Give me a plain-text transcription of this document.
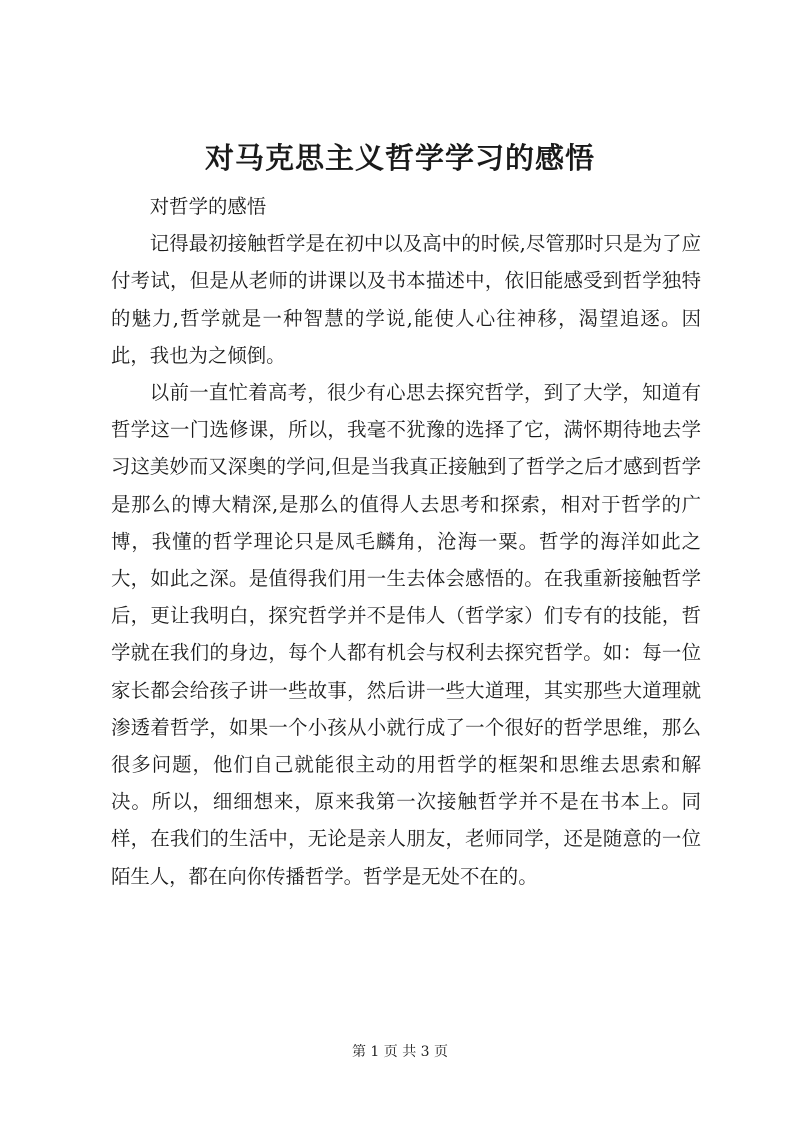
对马克思主义哲学学习的感悟

对哲学的感悟

记得最初接触哲学是在初中以及高中的时候,尽管那时只是为了应付考试，但是从老师的讲课以及书本描述中，依旧能感受到哲学独特的魅力,哲学就是一种智慧的学说,能使人心往神移，渴望追逐。因此，我也为之倾倒。

以前一直忙着高考，很少有心思去探究哲学，到了大学，知道有哲学这一门选修课，所以，我毫不犹豫的选择了它，满怀期待地去学习这美妙而又深奥的学问,但是当我真正接触到了哲学之后才感到哲学是那么的博大精深,是那么的值得人去思考和探索，相对于哲学的广博，我懂的哲学理论只是凤毛麟角，沧海一粟。哲学的海洋如此之大，如此之深。是值得我们用一生去体会感悟的。在我重新接触哲学后，更让我明白，探究哲学并不是伟人（哲学家）们专有的技能，哲学就在我们的身边，每个人都有机会与权利去探究哲学。如：每一位家长都会给孩子讲一些故事，然后讲一些大道理，其实那些大道理就渗透着哲学，如果一个小孩从小就行成了一个很好的哲学思维，那么很多问题，他们自己就能很主动的用哲学的框架和思维去思索和解决。所以，细细想来，原来我第一次接触哲学并不是在书本上。同样，在我们的生活中，无论是亲人朋友，老师同学，还是随意的一位陌生人，都在向你传播哲学。哲学是无处不在的。

第 1 页 共 3 页
